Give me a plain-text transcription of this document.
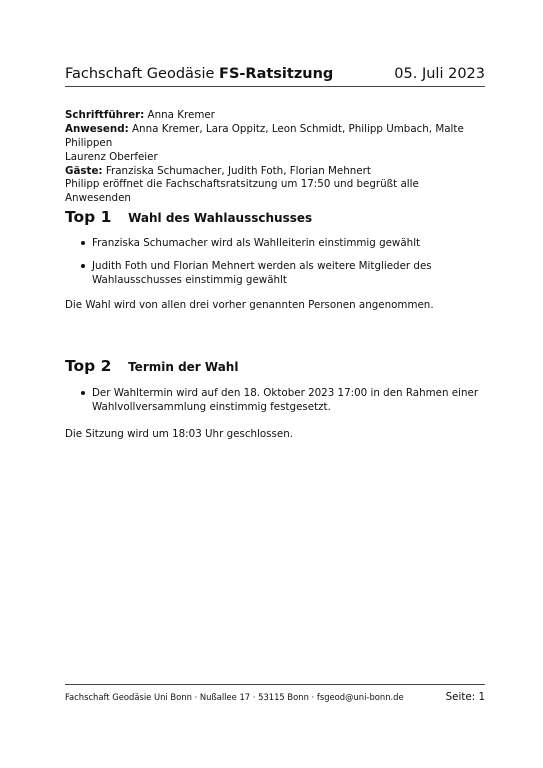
Fachschaft Geodäsie FS-Ratsitzung	05. Juli 2023
Schriftführer: Anna Kremer
Anwesend: Anna Kremer, Lara Oppitz, Leon Schmidt, Philipp Umbach, Malte Philippen
Laurenz Oberfeier
Gäste: Franziska Schumacher, Judith Foth, Florian Mehnert
Philipp eröffnet die Fachschaftsratsitzung um 17:50 und begrüßt alle Anwesenden
Top 1 Wahl des Wahlausschusses
Franziska Schumacher wird als Wahlleiterin einstimmig gewählt
Judith Foth und Florian Mehnert werden als weitere Mitglieder des Wahlausschusses einstimmig gewählt
Die Wahl wird von allen drei vorher genannten Personen angenommen.
Top 2 Termin der Wahl
Der Wahltermin wird auf den 18. Oktober 2023 17:00 in den Rahmen einer Wahlvollversammlung einstimmig festgesetzt.
Die Sitzung wird um 18:03 Uhr geschlossen.
Fachschaft Geodäsie Uni Bonn · Nußallee 17 · 53115 Bonn · fsgeod@uni-bonn.de	Seite: 1
